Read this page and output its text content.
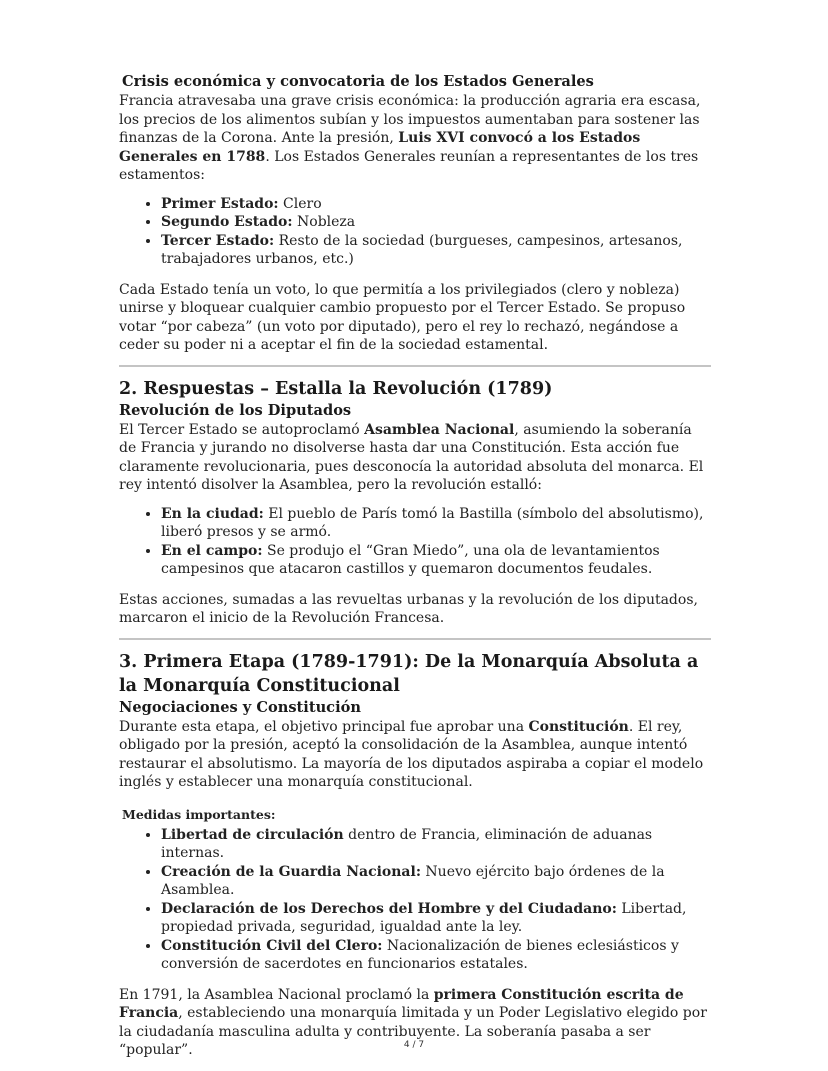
Crisis económica y convocatoria de los Estados Generales

Francia atravesaba una grave crisis económica: la producción agraria era escasa, los precios de los alimentos subían y los impuestos aumentaban para sostener las finanzas de la Corona. Ante la presión, Luis XVI convocó a los Estados Generales en 1788. Los Estados Generales reunían a representantes de los tres estamentos:

• Primer Estado: Clero
• Segundo Estado: Nobleza
• Tercer Estado: Resto de la sociedad (burgueses, campesinos, artesanos, trabajadores urbanos, etc.)

Cada Estado tenía un voto, lo que permitía a los privilegiados (clero y nobleza) unirse y bloquear cualquier cambio propuesto por el Tercer Estado. Se propuso votar “por cabeza” (un voto por diputado), pero el rey lo rechazó, negándose a ceder su poder ni a aceptar el fin de la sociedad estamental.

2. Respuestas – Estalla la Revolución (1789)

Revolución de los Diputados

El Tercer Estado se autoproclamó Asamblea Nacional, asumiendo la soberanía de Francia y jurando no disolverse hasta dar una Constitución. Esta acción fue claramente revolucionaria, pues desconocía la autoridad absoluta del monarca. El rey intentó disolver la Asamblea, pero la revolución estalló:

• En la ciudad: El pueblo de París tomó la Bastilla (símbolo del absolutismo), liberó presos y se armó.
• En el campo: Se produjo el “Gran Miedo”, una ola de levantamientos campesinos que atacaron castillos y quemaron documentos feudales.

Estas acciones, sumadas a las revueltas urbanas y la revolución de los diputados, marcaron el inicio de la Revolución Francesa.

3. Primera Etapa (1789-1791): De la Monarquía Absoluta a la Monarquía Constitucional

Negociaciones y Constitución

Durante esta etapa, el objetivo principal fue aprobar una Constitución. El rey, obligado por la presión, aceptó la consolidación de la Asamblea, aunque intentó restaurar el absolutismo. La mayoría de los diputados aspiraba a copiar el modelo inglés y establecer una monarquía constitucional.

Medidas importantes:

• Libertad de circulación dentro de Francia, eliminación de aduanas internas.
• Creación de la Guardia Nacional: Nuevo ejército bajo órdenes de la Asamblea.
• Declaración de los Derechos del Hombre y del Ciudadano: Libertad, propiedad privada, seguridad, igualdad ante la ley.
• Constitución Civil del Clero: Nacionalización de bienes eclesiásticos y conversión de sacerdotes en funcionarios estatales.

En 1791, la Asamblea Nacional proclamó la primera Constitución escrita de Francia, estableciendo una monarquía limitada y un Poder Legislativo elegido por la ciudadanía masculina adulta y contribuyente. La soberanía pasaba a ser “popular”.	4 / 7
